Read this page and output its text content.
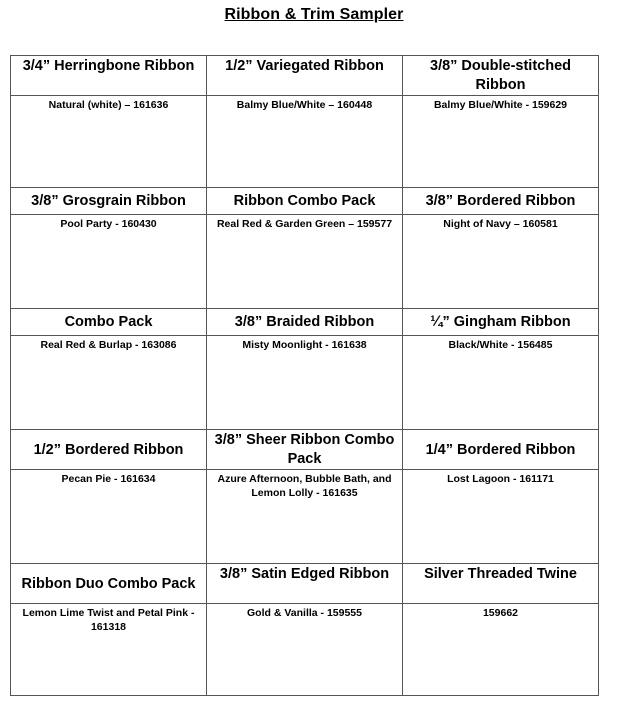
Ribbon & Trim Sampler
3/4” Herringbone Ribbon	1/2” Variegated Ribbon	3/8” Double-stitched Ribbon
Natural (white) – 161636	Balmy Blue/White – 160448	Balmy Blue/White - 159629
3/8” Grosgrain Ribbon	Ribbon Combo Pack	3/8” Bordered Ribbon
Pool Party - 160430	Real Red & Garden Green – 159577	Night of Navy – 160581
Combo Pack	3/8” Braided Ribbon	¼” Gingham Ribbon
Real Red & Burlap - 163086	Misty Moonlight - 161638	Black/White - 156485
1/2” Bordered Ribbon	3/8” Sheer Ribbon Combo Pack	1/4” Bordered Ribbon
Pecan Pie - 161634	Azure Afternoon, Bubble Bath, and Lemon Lolly - 161635	Lost Lagoon - 161171
Ribbon Duo Combo Pack	3/8” Satin Edged Ribbon	Silver Threaded Twine
Lemon Lime Twist and Petal Pink - 161318	Gold & Vanilla - 159555	159662
